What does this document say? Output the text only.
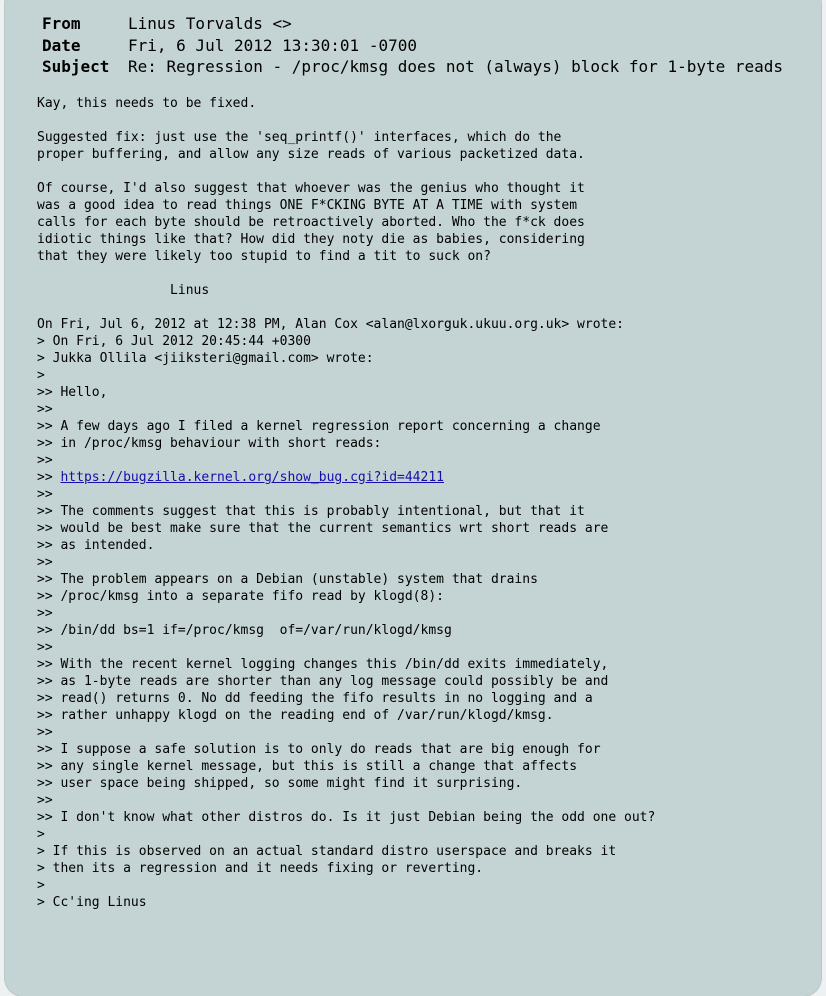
From	Linus Torvalds <>
Date	Fri, 6 Jul 2012 13:30:01 -0700
Subject Re: Regression - /proc/kmsg does not (always) block for 1-byte reads
Kay, this needs to be fixed.
Suggested fix: just use the 'seq_printf()' interfaces, which do the
proper buffering, and allow any size reads of various packetized data.
Of course, I'd also suggest that whoever was the genius who thought it
was a good idea to read things ONE F*CKING BYTE AT A TIME with system
calls for each byte should be retroactively aborted. Who the f*ck does
idiotic things like that? How did they noty die as babies, considering
that they were likely too stupid to find a tit to suck on?
Linus
On Fri, Jul 6, 2012 at 12:38 PM, Alan Cox <alan@lxorguk.ukuu.org.uk> wrote:
> On Fri, 6 Jul 2012 20:45:44 +0300
> Jukka Ollila <jiiksteri@gmail.com> wrote:
>
>> Hello,
>>
>> A few days ago I filed a kernel regression report concerning a change
>> in /proc/kmsg behaviour with short reads:
>>
>> https://bugzilla.kernel.org/show_bug.cgi?id=44211
>>
>> The comments suggest that this is probably intentional, but that it
>> would be best make sure that the current semantics wrt short reads are
>> as intended.
>>
>> The problem appears on a Debian (unstable) system that drains
>> /proc/kmsg into a separate fifo read by klogd(8):
>>
>> /bin/dd bs=1 if=/proc/kmsg  of=/var/run/klogd/kmsg
>>
>> With the recent kernel logging changes this /bin/dd exits immediately,
>> as 1-byte reads are shorter than any log message could possibly be and
>> read() returns 0. No dd feeding the fifo results in no logging and a
>> rather unhappy klogd on the reading end of /var/run/klogd/kmsg.
>>
>> I suppose a safe solution is to only do reads that are big enough for
>> any single kernel message, but this is still a change that affects
>> user space being shipped, so some might find it surprising.
>>
>> I don't know what other distros do. Is it just Debian being the odd one out?
>
> If this is observed on an actual standard distro userspace and breaks it
> then its a regression and it needs fixing or reverting.
>
> Cc'ing Linus
